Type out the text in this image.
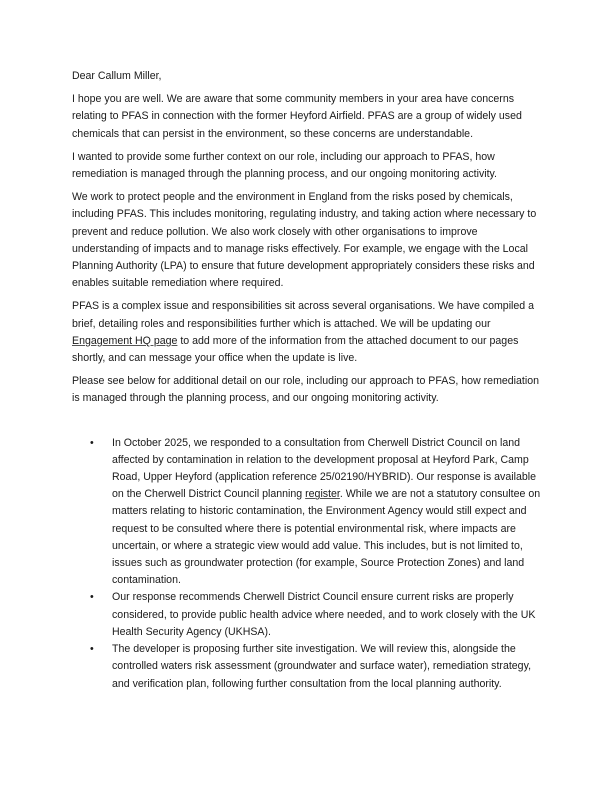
Dear Callum Miller,

I hope you are well. We are aware that some community members in your area have concerns relating to PFAS in connection with the former Heyford Airfield. PFAS are a group of widely used chemicals that can persist in the environment, so these concerns are understandable.

I wanted to provide some further context on our role, including our approach to PFAS, how remediation is managed through the planning process, and our ongoing monitoring activity.

We work to protect people and the environment in England from the risks posed by chemicals, including PFAS. This includes monitoring, regulating industry, and taking action where necessary to prevent and reduce pollution. We also work closely with other organisations to improve understanding of impacts and to manage risks effectively. For example, we engage with the Local Planning Authority (LPA) to ensure that future development appropriately considers these risks and enables suitable remediation where required.

PFAS is a complex issue and responsibilities sit across several organisations. We have compiled a brief, detailing roles and responsibilities further which is attached. We will be updating our Engagement HQ page to add more of the information from the attached document to our pages shortly, and can message your office when the update is live.

Please see below for additional detail on our role, including our approach to PFAS, how remediation is managed through the planning process, and our ongoing monitoring activity.

• In October 2025, we responded to a consultation from Cherwell District Council on land affected by contamination in relation to the development proposal at Heyford Park, Camp Road, Upper Heyford (application reference 25/02190/HYBRID). Our response is available on the Cherwell District Council planning register. While we are not a statutory consultee on matters relating to historic contamination, the Environment Agency would still expect and request to be consulted where there is potential environmental risk, where impacts are uncertain, or where a strategic view would add value. This includes, but is not limited to, issues such as groundwater protection (for example, Source Protection Zones) and land contamination.
• Our response recommends Cherwell District Council ensure current risks are properly considered, to provide public health advice where needed, and to work closely with the UK Health Security Agency (UKHSA).
• The developer is proposing further site investigation. We will review this, alongside the controlled waters risk assessment (groundwater and surface water), remediation strategy, and verification plan, following further consultation from the local planning authority.
